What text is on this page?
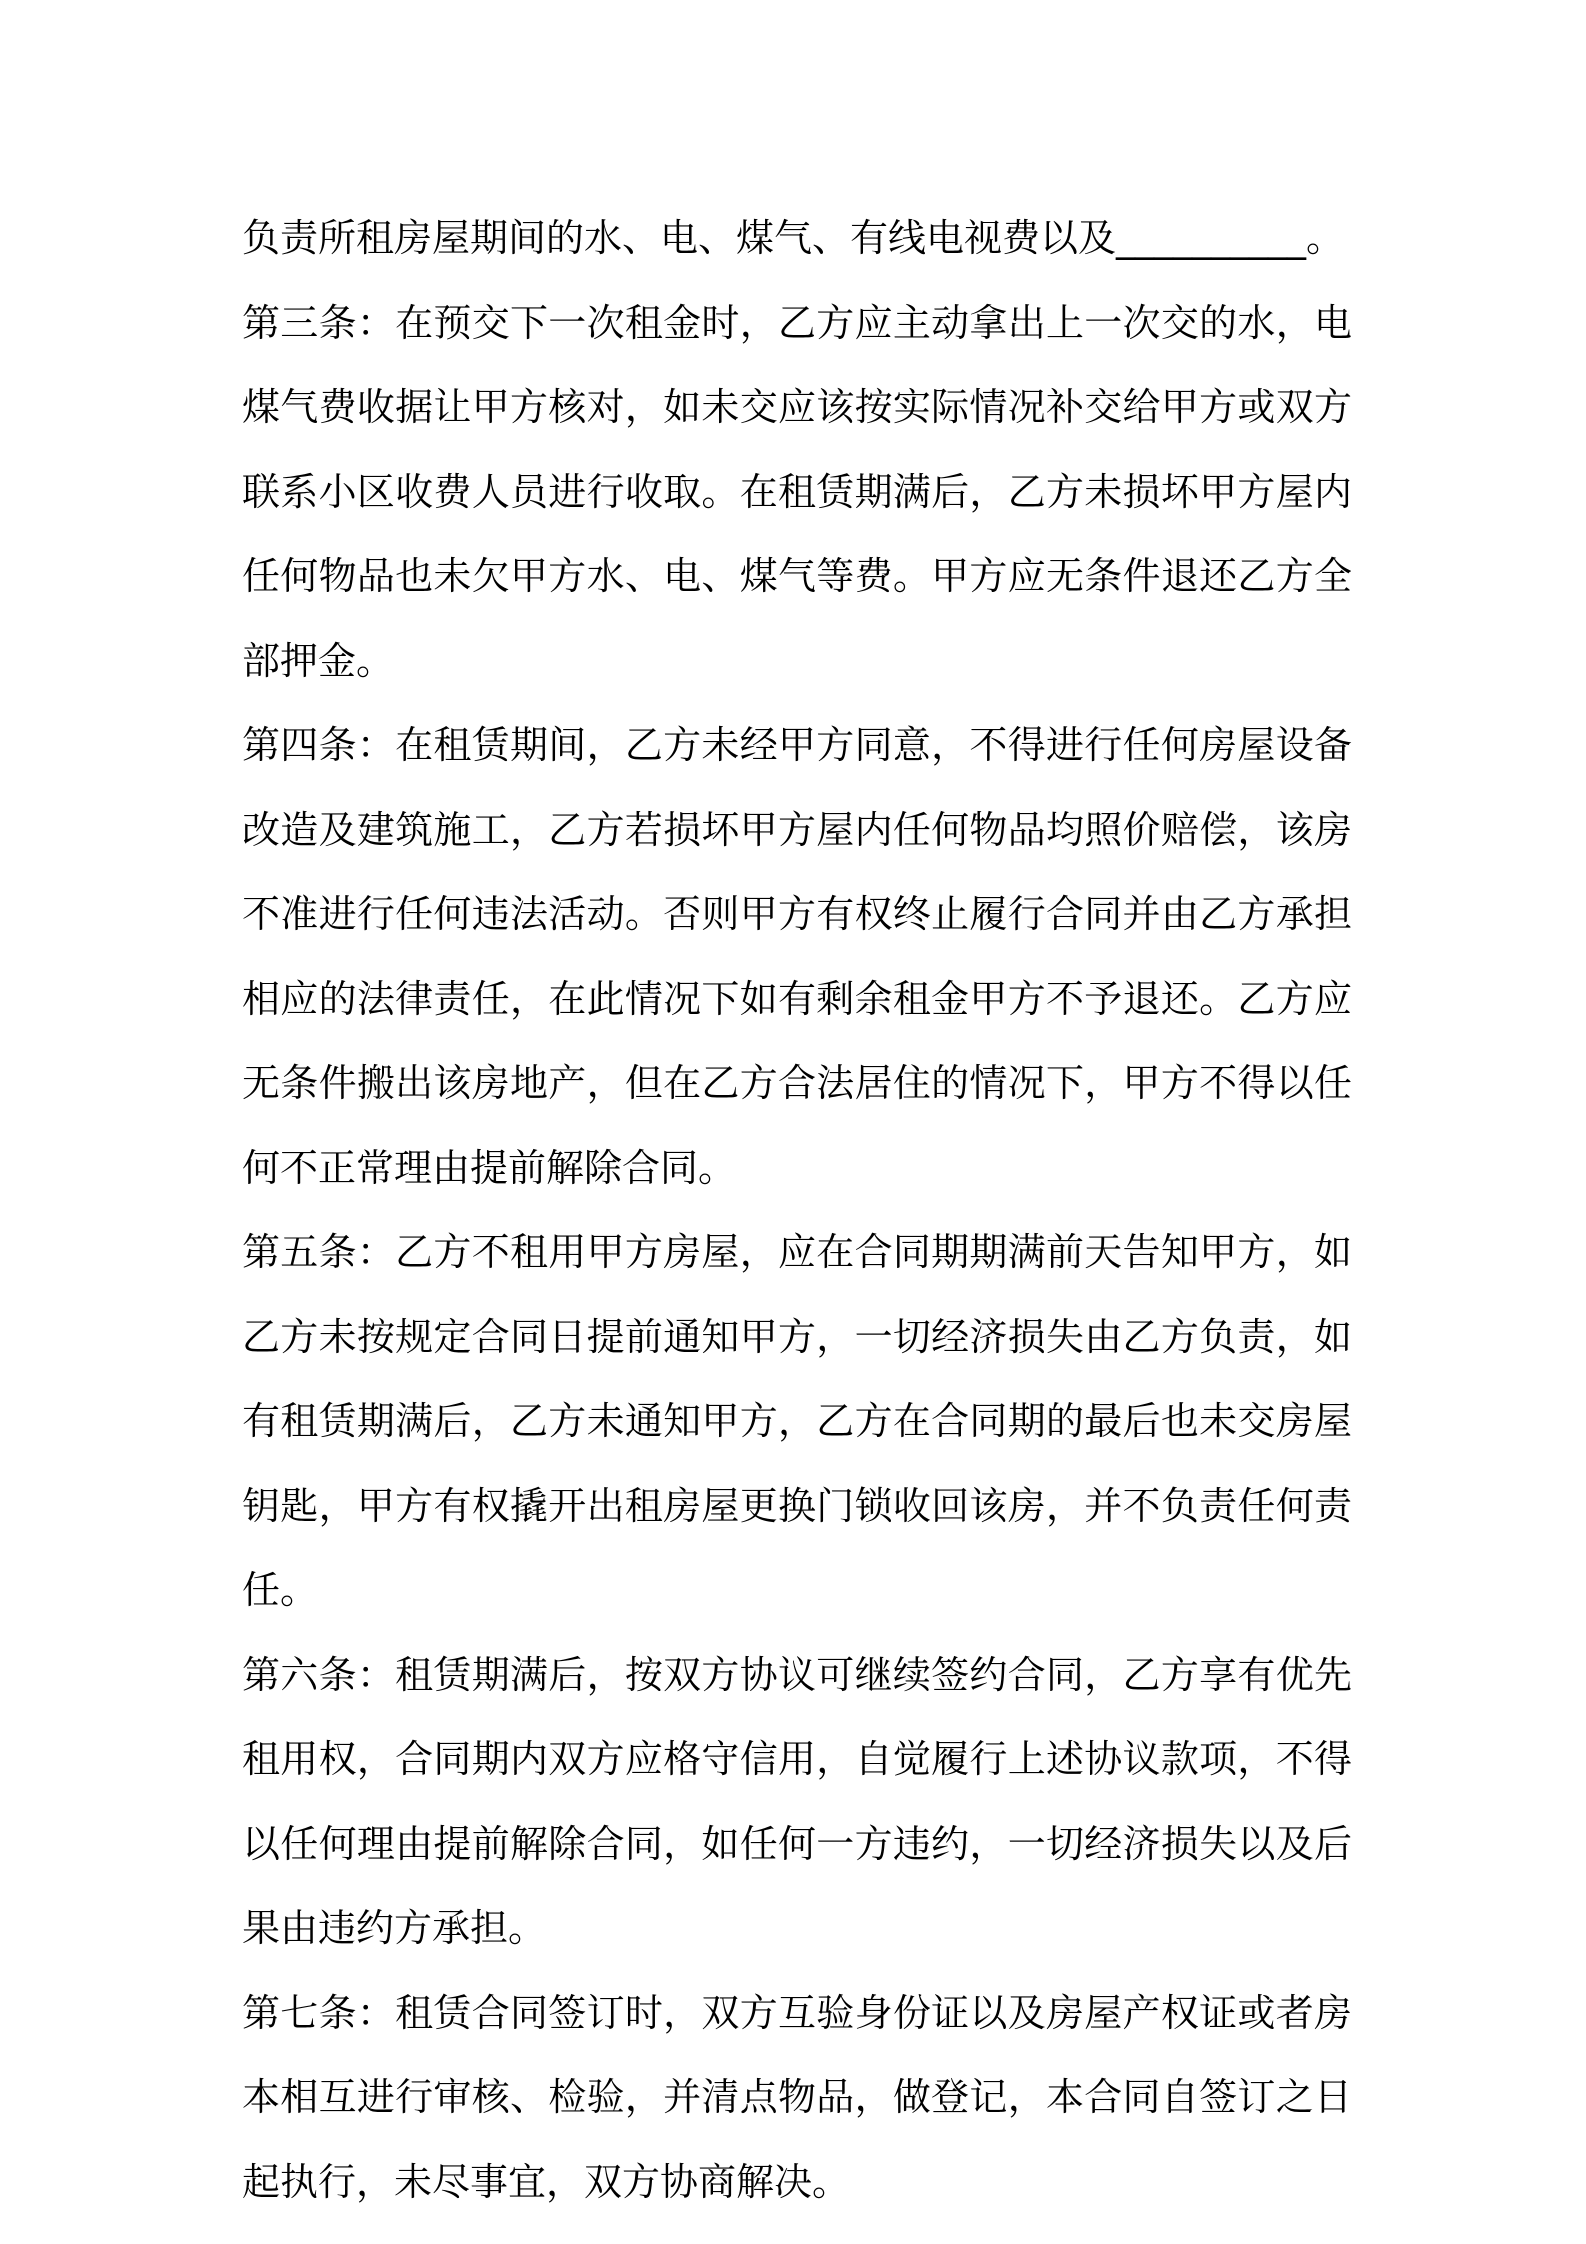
负责所租房屋期间的水、电、煤气、有线电视费以及__________。

第三条：在预交下一次租金时，乙方应主动拿出上一次交的水，电煤气费收据让甲方核对，如未交应该按实际情况补交给甲方或双方联系小区收费人员进行收取。在租赁期满后，乙方未损坏甲方屋内任何物品也未欠甲方水、电、煤气等费。甲方应无条件退还乙方全部押金。

第四条：在租赁期间，乙方未经甲方同意，不得进行任何房屋设备改造及建筑施工，乙方若损坏甲方屋内任何物品均照价赔偿，该房不准进行任何违法活动。否则甲方有权终止履行合同并由乙方承担相应的法律责任，在此情况下如有剩余租金甲方不予退还。乙方应无条件搬出该房地产，但在乙方合法居住的情况下，甲方不得以任何不正常理由提前解除合同。

第五条：乙方不租用甲方房屋，应在合同期期满前天告知甲方，如乙方未按规定合同日提前通知甲方，一切经济损失由乙方负责，如有租赁期满后，乙方未通知甲方，乙方在合同期的最后也未交房屋钥匙，甲方有权撬开出租房屋更换门锁收回该房，并不负责任何责任。

第六条：租赁期满后，按双方协议可继续签约合同，乙方享有优先租用权，合同期内双方应格守信用，自觉履行上述协议款项，不得以任何理由提前解除合同，如任何一方违约，一切经济损失以及后果由违约方承担。

第七条：租赁合同签订时，双方互验身份证以及房屋产权证或者房本相互进行审核、检验，并清点物品，做登记，本合同自签订之日起执行，未尽事宜，双方协商解决。
